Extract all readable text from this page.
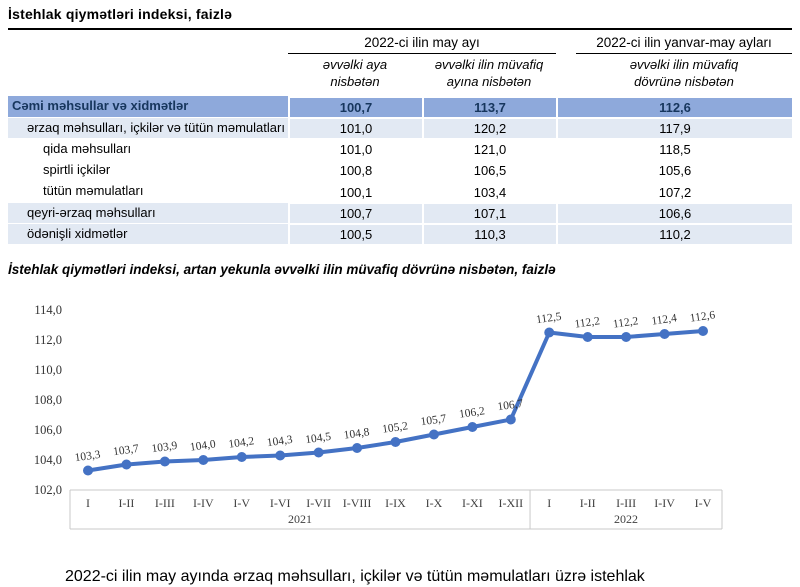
İstehlak qiymətləri indeksi, faizlə
2022-ci ilin may ayı	2022-ci ilin yanvar-may ayları
əvvəlki aya nisbətən
əvvəlki ilin müvafiq ayına nisbətən
əvvəlki ilin müvafiq dövrünə nisbətən
Cəmi məhsullar və xidmətlər	100,7	113,7	112,6
ərzaq məhsulları, içkilər və tütün məmulatları	101,0	120,2	117,9
qida məhsulları	101,0	121,0	118,5
spirtli içkilər	100,8	106,5	105,6
tütün məmulatları	100,1	103,4	107,2
qeyri-ərzaq məhsulları	100,7	107,1	106,6
ödənişli xidmətlər	100,5	110,3	110,2
İstehlak qiymətləri indeksi, artan yekunla əvvəlki ilin müvafiq dövrünə nisbətən, faizlə
102,0
104,0
106,0
108,0
110,0
112,0
114,0
2021	2022
I I-II I-III I-IV I-V I-VI I-VII I-VIII I-IX I-X I-XI I-XII I I-II I-III I-IV I-V
103,3 103,7 103,9 104,0 104,2 104,3 104,5 104,8 105,2 105,7 106,2 106,7
112,5 112,2 112,2 112,4 112,6
2022-ci ilin may ayında ərzaq məhsulları, içkilər və tütün məmulatları üzrə istehlak
